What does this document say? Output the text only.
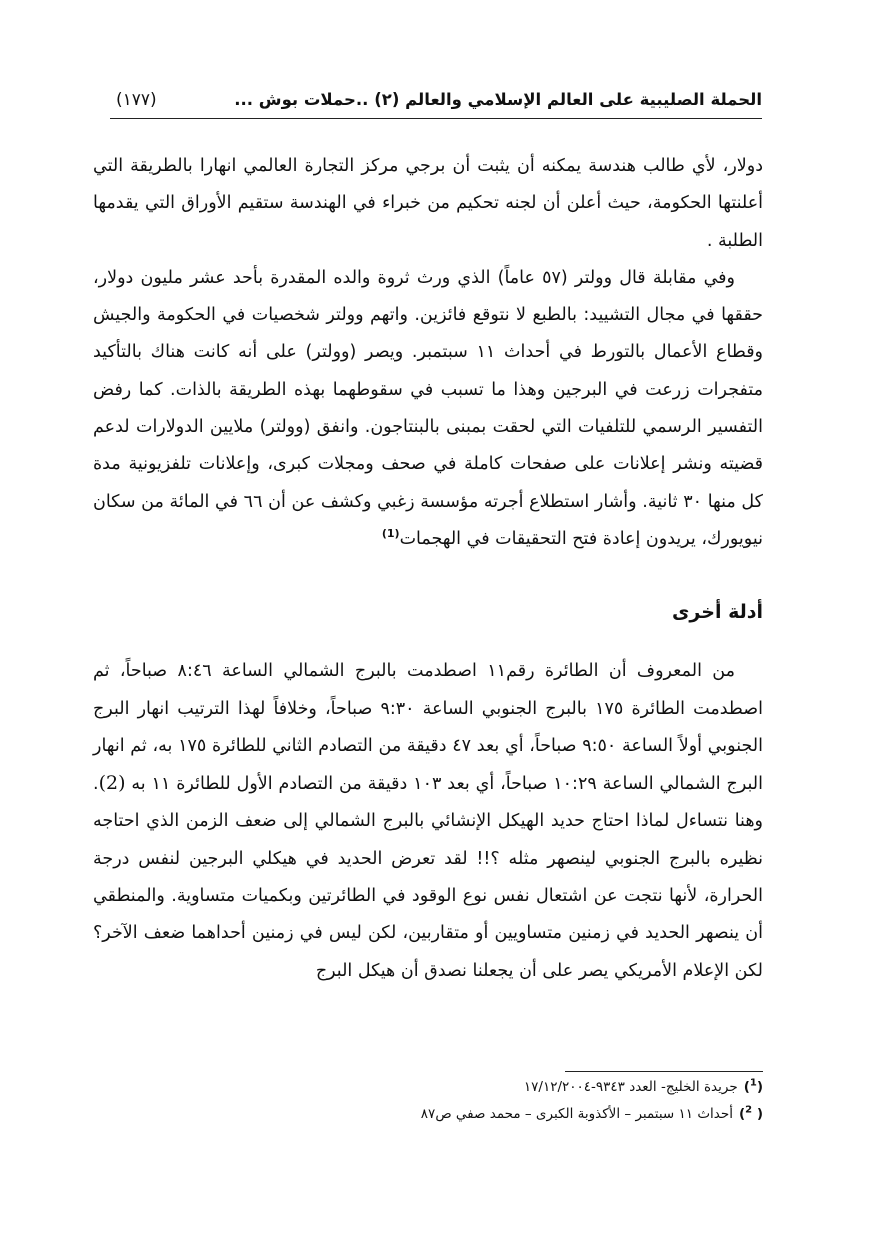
الحملة الصليبية على العالم الإسلامي والعالم (٢) ..حملات بوش ...
(١٧٧)

دولار، لأي طالب هندسة يمكنه أن يثبت أن برجي مركز التجارة العالمي انهارا بالطريقة التي أعلنتها الحكومة، حيث أعلن أن لجنه تحكيم من خبراء في الهندسة ستقيم الأوراق التي يقدمها الطلبة .

وفي مقابلة قال وولتر (٥٧ عاماً) الذي ورث ثروة والده المقدرة بأحد عشر مليون دولار، حققها في مجال التشييد: بالطبع لا نتوقع فائزين. واتهم وولتر شخصيات في الحكومة والجيش وقطاع الأعمال بالتورط في أحداث ١١ سبتمبر. ويصر (وولتر) على أنه كانت هناك بالتأكيد متفجرات زرعت في البرجين وهذا ما تسبب في سقوطهما بهذه الطريقة بالذات. كما رفض التفسير الرسمي للتلفيات التي لحقت بمبنى بالبنتاجون. وانفق (وولتر) ملايين الدولارات لدعم قضيته ونشر إعلانات على صفحات كاملة في صحف ومجلات كبرى، وإعلانات تلفزيونية مدة كل منها ٣٠ ثانية. وأشار استطلاع أجرته مؤسسة زغبي وكشف عن أن ٦٦ في المائة من سكان نيويورك، يريدون إعادة فتح التحقيقات في الهجمات$^{(1)}$

أدلة أخرى

من المعروف أن الطائرة رقم١١ اصطدمت بالبرج الشمالي الساعة ٨:٤٦ صباحاً، ثم اصطدمت الطائرة ١٧٥ بالبرج الجنوبي الساعة ٩:٣٠ صباحاً، وخلافاً لهذا الترتيب انهار البرج الجنوبي أولاً الساعة ٩:٥٠ صباحاً، أي بعد ٤٧ دقيقة من التصادم الثاني للطائرة ١٧٥ به، ثم انهار البرج الشمالي الساعة ١٠:٢٩ صباحاً، أي بعد ١٠٣ دقيقة من التصادم الأول للطائرة ١١ به (2). وهنا نتساءل لماذا احتاج حديد الهيكل الإنشائي بالبرج الشمالي إلى ضعف الزمن الذي احتاجه نظيره بالبرج الجنوبي لينصهر مثله ؟!! لقد تعرض الحديد في هيكلي البرجين لنفس درجة الحرارة، لأنها نتجت عن اشتعال نفس نوع الوقود في الطائرتين وبكميات متساوية. والمنطقي أن ينصهر الحديد في زمنين متساويين أو متقاربين، لكن ليس في زمنين أحداهما ضعف الآخر؟ لكن الإعلام الأمريكي يصر على أن يجعلنا نصدق أن هيكل البرج

($^1$)جريدة الخليج- العدد ٩٣٤٣-١٧/١٢/٢٠٠٤
( $^2$)أحداث ١١ سبتمبر – الأكذوبة الكبرى – محمد صفي ص٨٧
